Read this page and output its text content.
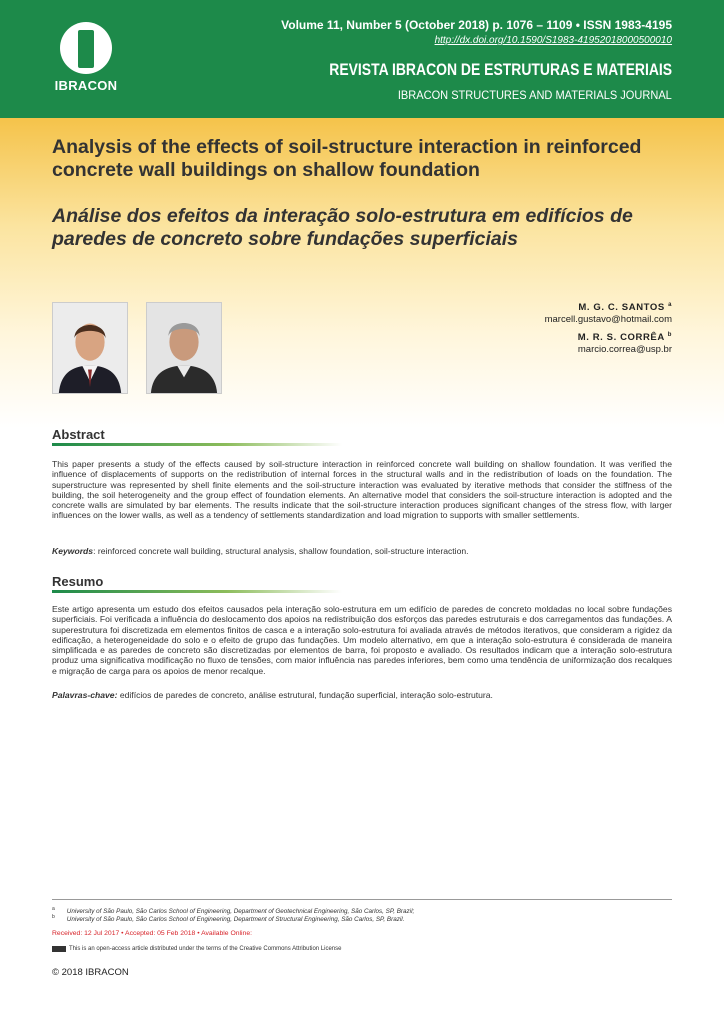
IBRACON
Volume 11, Number 5 (October 2018) p. 1076 – 1109 • ISSN 1983-4195
http://dx.doi.org/10.1590/S1983-41952018000500010
REVISTA IBRACON DE ESTRUTURAS E MATERIAIS
IBRACON STRUCTURES AND MATERIALS JOURNAL
Analysis of the effects of soil-structure interaction in reinforced concrete wall buildings on shallow foundation
Análise dos efeitos da interação solo-estrutura em edifícios de paredes de concreto sobre fundações superficiais
M. G. C. SANTOS $^a$
marcell.gustavo@hotmail.com
M. R. S. CORRÊA $^b$
marcio.correa@usp.br
Abstract

This paper presents a study of the effects caused by soil-structure interaction in reinforced concrete wall building on shallow foundation. It was verified the influence of displacements of supports on the redistribution of internal forces in the structural walls and in the redistribution of loads on the foundation. The superstructure was represented by shell finite elements and the soil-structure interaction was evaluated by iterative methods that consider the stiffness of the building, the soil heterogeneity and the group effect of foundation elements. An alternative model that considers the soil-structure interaction is adopted and the concrete walls are simulated by bar elements. The results indicate that the soil-structure interaction produces significant changes of the stress flow, with larger influences on the lower walls, as well as a tendency of settlements standardization and load migration to supports with smaller settlements.

Keywords: reinforced concrete wall building, structural analysis, shallow foundation, soil-structure interaction.
Resumo

Este artigo apresenta um estudo dos efeitos causados pela interação solo-estrutura em um edifício de paredes de concreto moldadas no local sobre fundações superficiais. Foi verificada a influência do deslocamento dos apoios na redistribuição dos esforços das paredes estruturais e dos carregamentos das fundações. A superestrutura foi discretizada em elementos finitos de casca e a interação solo-estrutura foi avaliada através de métodos iterativos, que consideram a rigidez da edificação, a heterogeneidade do solo e o efeito de grupo das fundações. Um modelo alternativo, em que a interação solo-estrutura é considerada de maneira simplificada e as paredes de concreto são discretizadas por elementos de barra, foi proposto e avaliado. Os resultados indicam que a interação solo-estrutura produz uma significativa modificação no fluxo de tensões, com maior influência nas paredes inferiores, bem como uma tendência de uniformização dos recalques e migração de carga para os apoios de menor recalque.

Palavras-chave: edifícios de paredes de concreto, análise estrutural, fundação superficial, interação solo-estrutura.
$^a$ University of São Paulo, São Carlos School of Engineering, Department of Geotechnical Engineering, São Carlos, SP, Brazil;
$^b$ University of São Paulo, São Carlos School of Engineering, Department of Structural Engineering, São Carlos, SP, Brazil.
Received: 12 Jul 2017 • Accepted: 05 Feb 2018 • Available Online:
This is an open-access article distributed under the terms of the Creative Commons Attribution License
© 2018 IBRACON
